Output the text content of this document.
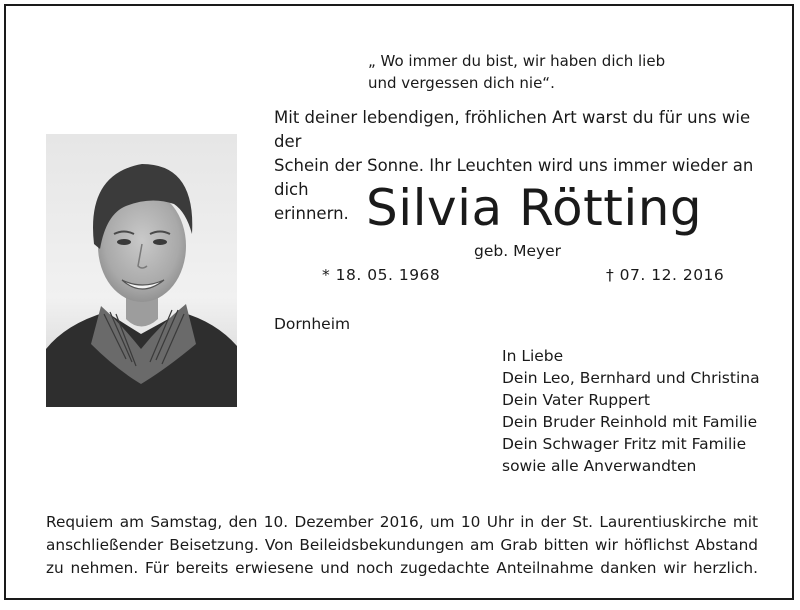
„ Wo immer du bist, wir haben dich lieb
und vergessen dich nie“.
Mit deiner lebendigen, fröhlichen Art warst du für uns wie der
Schein der Sonne. Ihr Leuchten wird uns immer wieder an dich
erinnern. Silvia Rötting
geb. Meyer
* 18. 05. 1968	† 07. 12. 2016
Dornheim
In Liebe
Dein Leo, Bernhard und Christina
Dein Vater Ruppert
Dein Bruder Reinhold mit Familie
Dein Schwager Fritz mit Familie
sowie alle Anverwandten
Requiem am Samstag, den 10. Dezember 2016, um 10 Uhr in der St. Laurentiuskirche mit
anschließender Beisetzung. Von Beileidsbekundungen am Grab bitten wir höflichst Abstand
zu nehmen. Für bereits erwiesene und noch zugedachte Anteilnahme danken wir herzlich.
